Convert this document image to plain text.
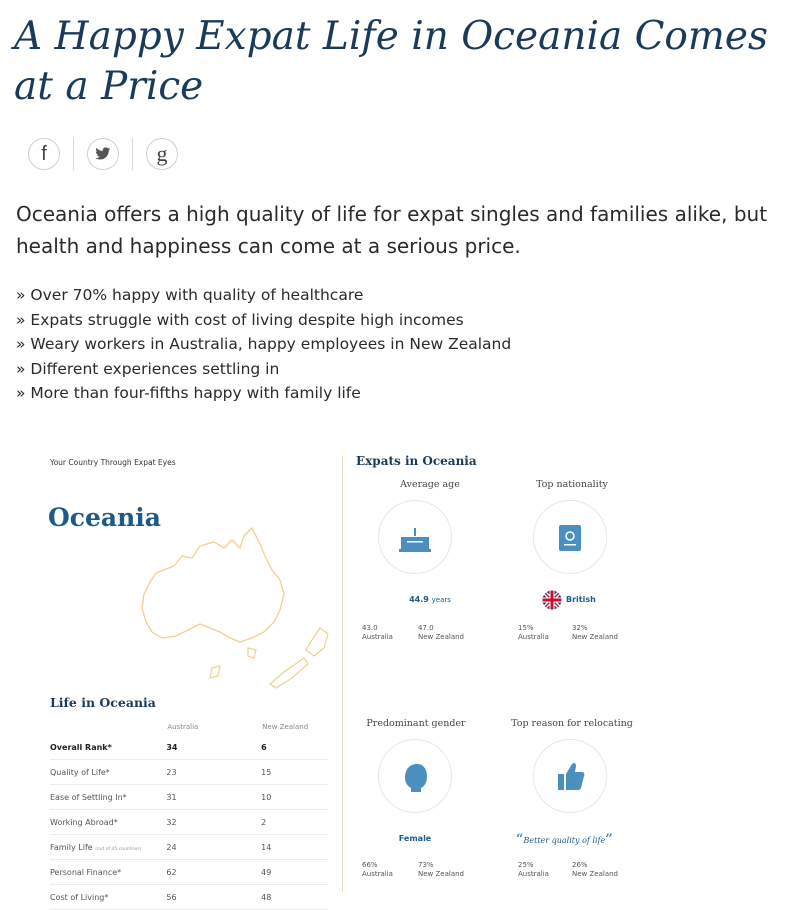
A Happy Expat Life in Oceania Comes at a Price
f	g

Oceania offers a high quality of life for expat singles and families alike, but health and happiness can come at a serious price.

» Over 70% happy with quality of healthcare
» Expats struggle with cost of living despite high incomes
» Weary workers in Australia, happy employees in New Zealand
» Different experiences settling in
» More than four-fifths happy with family life
Your Country Through Expat Eyes
Oceania
Life in Oceania
	Australia	New Zealand
Overall Rank*	34	6
Quality of Life*	23	15
Ease of Settling In*	31	10
Working Abroad*	32	2
Family Life (out of 45 countries)	24	14
Personal Finance*	62	49
Cost of Living*	56	48
Expats in Oceania
Average age
44.9 years
43.0
Australia
47.0
New Zealand
Top nationality
British
15%
Australia
32%
New Zealand
Predominant gender
Female
66%
Australia
73%
New Zealand
Top reason for relocating
“Better quality of life”
25%
Australia
26%
New Zealand
